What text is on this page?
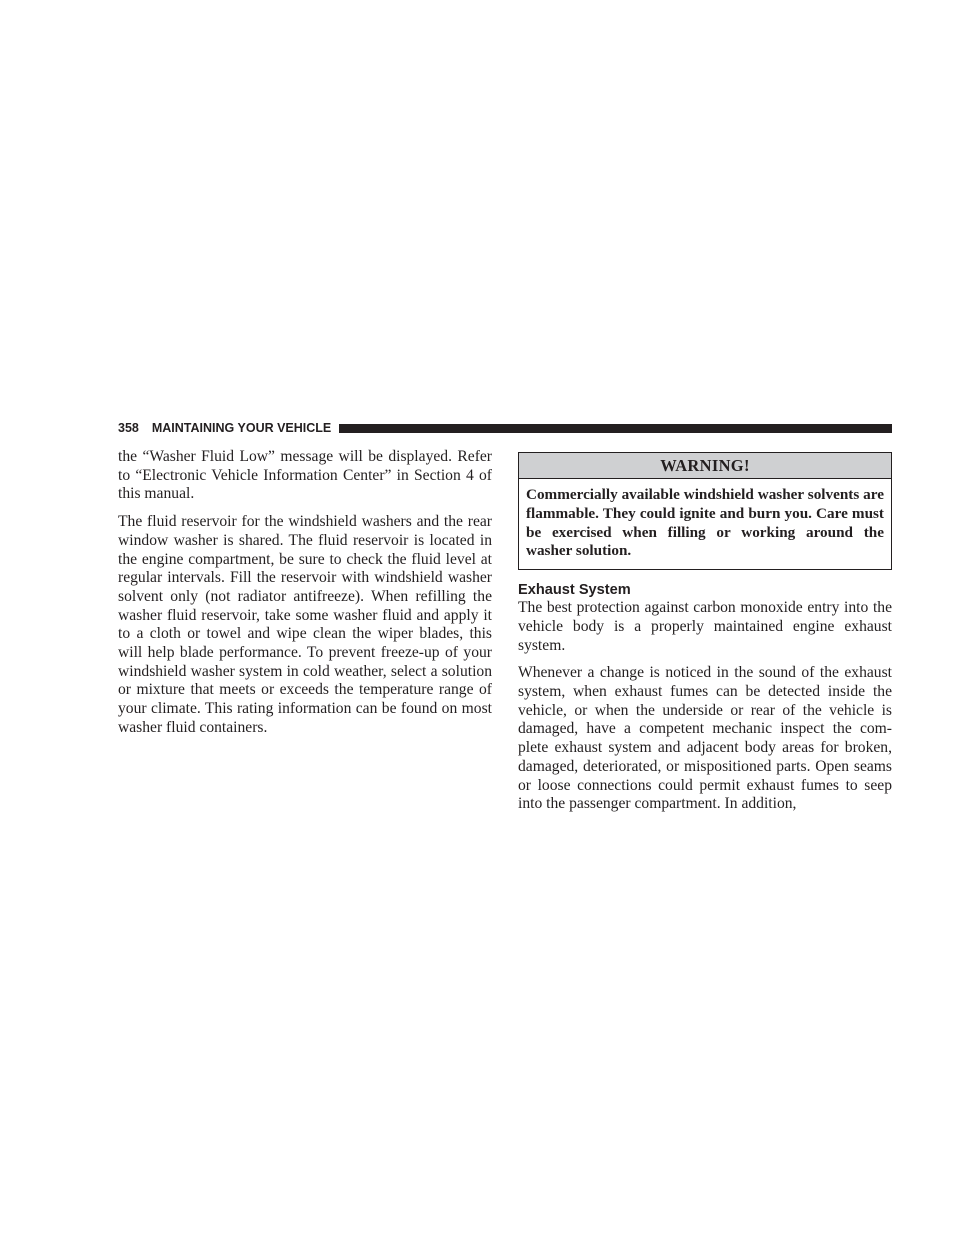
358 MAINTAINING YOUR VEHICLE

the “Washer Fluid Low” message will be displayed. Refer to “Electronic Vehicle Information Center” in Section 4 of this manual.

The fluid reservoir for the windshield washers and the rear window washer is shared. The fluid reservoir is located in the engine compartment, be sure to check the fluid level at regular intervals. Fill the reservoir with windshield washer solvent only (not radiator antifreeze). When refilling the washer fluid reservoir, take some washer fluid and apply it to a cloth or towel and wipe clean the wiper blades, this will help blade performance. To prevent freeze-up of your windshield washer system in cold weather, select a solution or mixture that meets or exceeds the temperature range of your climate. This rating information can be found on most washer fluid containers.

WARNING!
Commercially available windshield washer solvents are flammable. They could ignite and burn you. Care must be exercised when filling or working around the washer solution.
Exhaust System

The best protection against carbon monoxide entry into the vehicle body is a properly maintained engine exhaust system.

Whenever a change is noticed in the sound of the exhaust system, when exhaust fumes can be detected inside the vehicle, or when the underside or rear of the vehicle is damaged, have a competent mechanic inspect the com-plete exhaust system and adjacent body areas for broken, damaged, deteriorated, or mispositioned parts. Open seams or loose connections could permit exhaust fumes to seep into the passenger compartment. In addition,
